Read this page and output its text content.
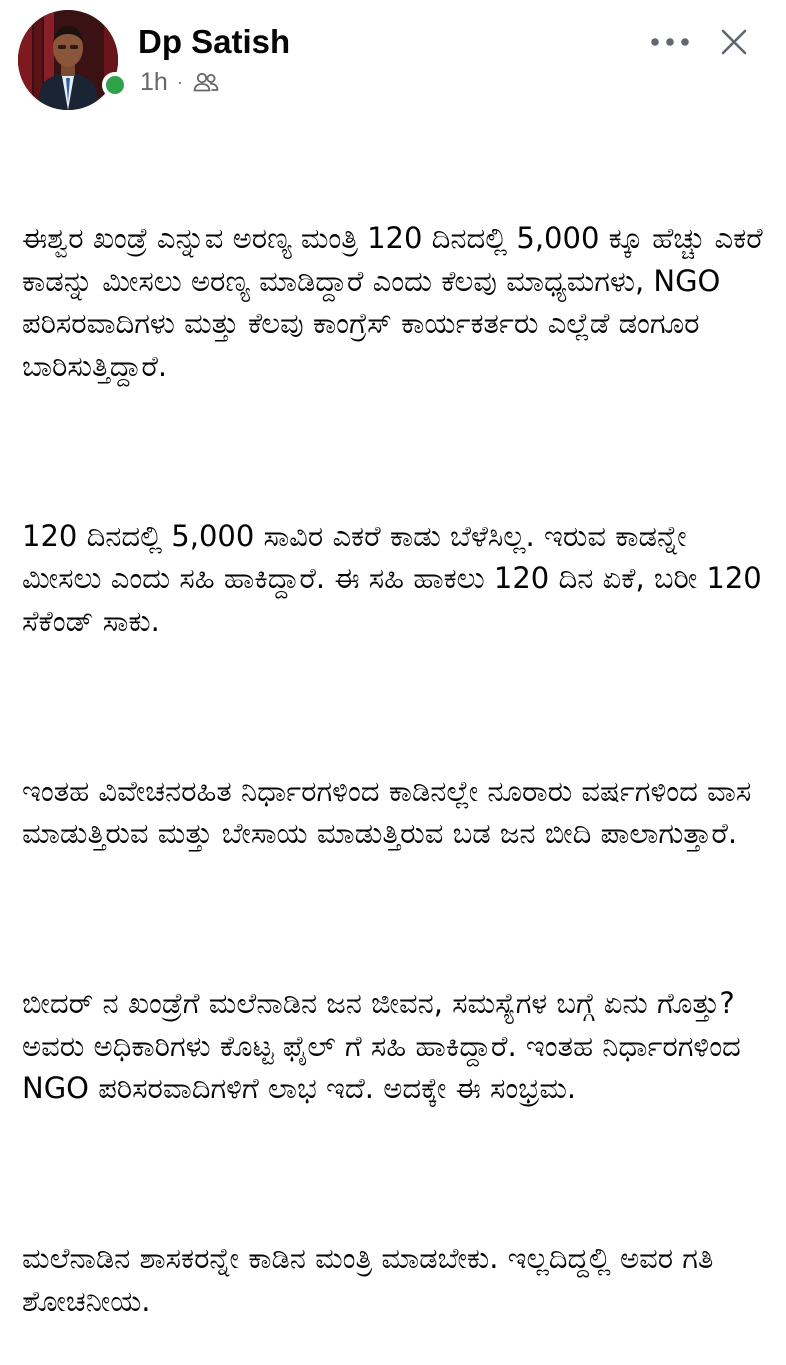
Dp Satish
1h ·

ಈಶ್ವರ ಖಂಡ್ರೆ ಎನ್ನುವ ಅರಣ್ಯ ಮಂತ್ರಿ 120 ದಿನದಲ್ಲಿ 5,000 ಕ್ಕೂ ಹೆಚ್ಚು ಎಕರೆ ಕಾಡನ್ನು ಮೀಸಲು ಅರಣ್ಯ ಮಾಡಿದ್ದಾರೆ ಎಂದು ಕೆಲವು ಮಾಧ್ಯಮಗಳು, NGO ಪರಿಸರವಾದಿಗಳು ಮತ್ತು ಕೆಲವು ಕಾಂಗ್ರೆಸ್ ಕಾರ್ಯಕರ್ತರು ಎಲ್ಲೆಡೆ ಡಂಗೂರ ಬಾರಿಸುತ್ತಿದ್ದಾರೆ.

120 ದಿನದಲ್ಲಿ 5,000 ಸಾವಿರ ಎಕರೆ ಕಾಡು ಬೆಳೆಸಿಲ್ಲ. ಇರುವ ಕಾಡನ್ನೇ ಮೀಸಲು ಎಂದು ಸಹಿ ಹಾಕಿದ್ದಾರೆ. ಈ ಸಹಿ ಹಾಕಲು 120 ದಿನ ಏಕೆ, ಬರೀ 120 ಸೆಕೆಂಡ್ ಸಾಕು.

ಇಂತಹ ವಿವೇಚನರಹಿತ ನಿರ್ಧಾರಗಳಿಂದ ಕಾಡಿನಲ್ಲೇ ನೂರಾರು ವರ್ಷಗಳಿಂದ ವಾಸ ಮಾಡುತ್ತಿರುವ ಮತ್ತು ಬೇಸಾಯ ಮಾಡುತ್ತಿರುವ ಬಡ ಜನ ಬೀದಿ ಪಾಲಾಗುತ್ತಾರೆ.

ಬೀದರ್ ನ ಖಂಡ್ರೆಗೆ ಮಲೆನಾಡಿನ ಜನ ಜೀವನ, ಸಮಸ್ಯೆಗಳ ಬಗ್ಗೆ ಏನು ಗೊತ್ತು? ಅವರು ಅಧಿಕಾರಿಗಳು ಕೊಟ್ಟ ಫೈಲ್ ಗೆ ಸಹಿ ಹಾಕಿದ್ದಾರೆ. ಇಂತಹ ನಿರ್ಧಾರಗಳಿಂದ NGO ಪರಿಸರವಾದಿಗಳಿಗೆ ಲಾಭ ಇದೆ. ಅದಕ್ಕೇ ಈ ಸಂಭ್ರಮ.

ಮಲೆನಾಡಿನ ಶಾಸಕರನ್ನೇ ಕಾಡಿನ ಮಂತ್ರಿ ಮಾಡಬೇಕು. ಇಲ್ಲದಿದ್ದಲ್ಲಿ ಅವರ ಗತಿ ಶೋಚನೀಯ.
